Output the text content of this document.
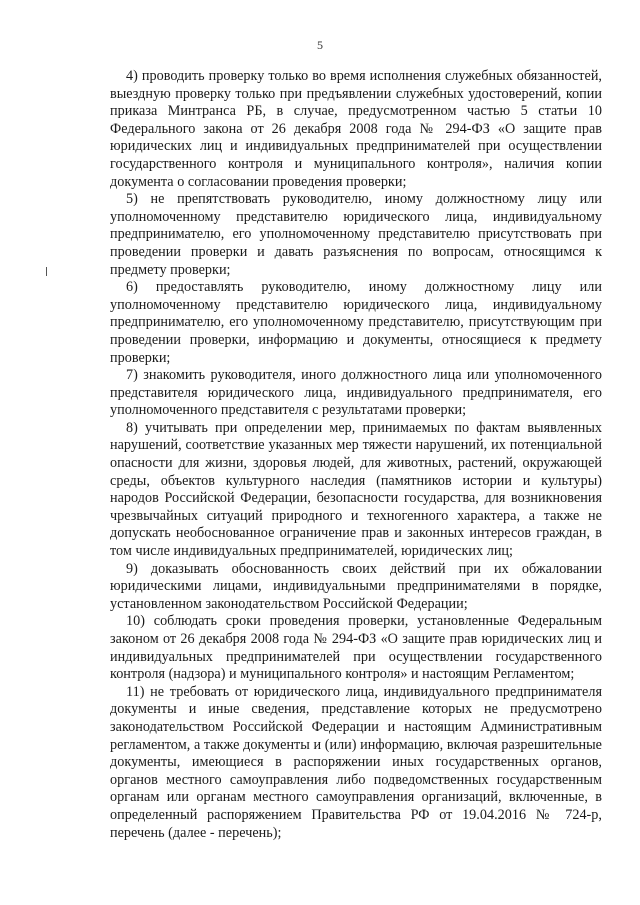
5

4) проводить проверку только во время исполнения служебных обязанностей, выездную проверку только при предъявлении служебных удостоверений, копии приказа Минтранса РБ, в случае, предусмотренном частью 5 статьи 10 Федерального закона от 26 декабря 2008 года № 294-ФЗ «О защите прав юридических лиц и индивидуальных предпринимателей при осуществлении государственного контроля и муниципального контроля», наличия копии документа о согласовании проведения проверки;

5) не препятствовать руководителю, иному должностному лицу или уполномоченному представителю юридического лица, индивидуальному предпринимателю, его уполномоченному представителю присутствовать при проведении проверки и давать разъяснения по вопросам, относящимся к предмету проверки;

6) предоставлять руководителю, иному должностному лицу или уполномоченному представителю юридического лица, индивидуальному предпринимателю, его уполномоченному представителю, присутствующим при проведении проверки, информацию и документы, относящиеся к предмету проверки;

7) знакомить руководителя, иного должностного лица или уполномоченного представителя юридического лица, индивидуального предпринимателя, его уполномоченного представителя с результатами проверки;

8) учитывать при определении мер, принимаемых по фактам выявленных нарушений, соответствие указанных мер тяжести нарушений, их потенциальной опасности для жизни, здоровья людей, для животных, растений, окружающей среды, объектов культурного наследия (памятников истории и культуры) народов Российской Федерации, безопасности государства, для возникновения чрезвычайных ситуаций природного и техногенного характера, а также не допускать необоснованное ограничение прав и законных интересов граждан, в том числе индивидуальных предпринимателей, юридических лиц;

9) доказывать обоснованность своих действий при их обжаловании юридическими лицами, индивидуальными предпринимателями в порядке, установленном законодательством Российской Федерации;

10) соблюдать сроки проведения проверки, установленные Федеральным законом от 26 декабря 2008 года № 294-ФЗ «О защите прав юридических лиц и индивидуальных предпринимателей при осуществлении государственного контроля (надзора) и муниципального контроля» и настоящим Регламентом;

11) не требовать от юридического лица, индивидуального предпринимателя документы и иные сведения, представление которых не предусмотрено законодательством Российской Федерации и настоящим Административным регламентом, а также документы и (или) информацию, включая разрешительные документы, имеющиеся в распоряжении иных государственных органов, органов местного самоуправления либо подведомственных государственным органам или органам местного самоуправления организаций, включенные, в определенный распоряжением Правительства РФ от 19.04.2016 № 724-р, перечень (далее - перечень);
